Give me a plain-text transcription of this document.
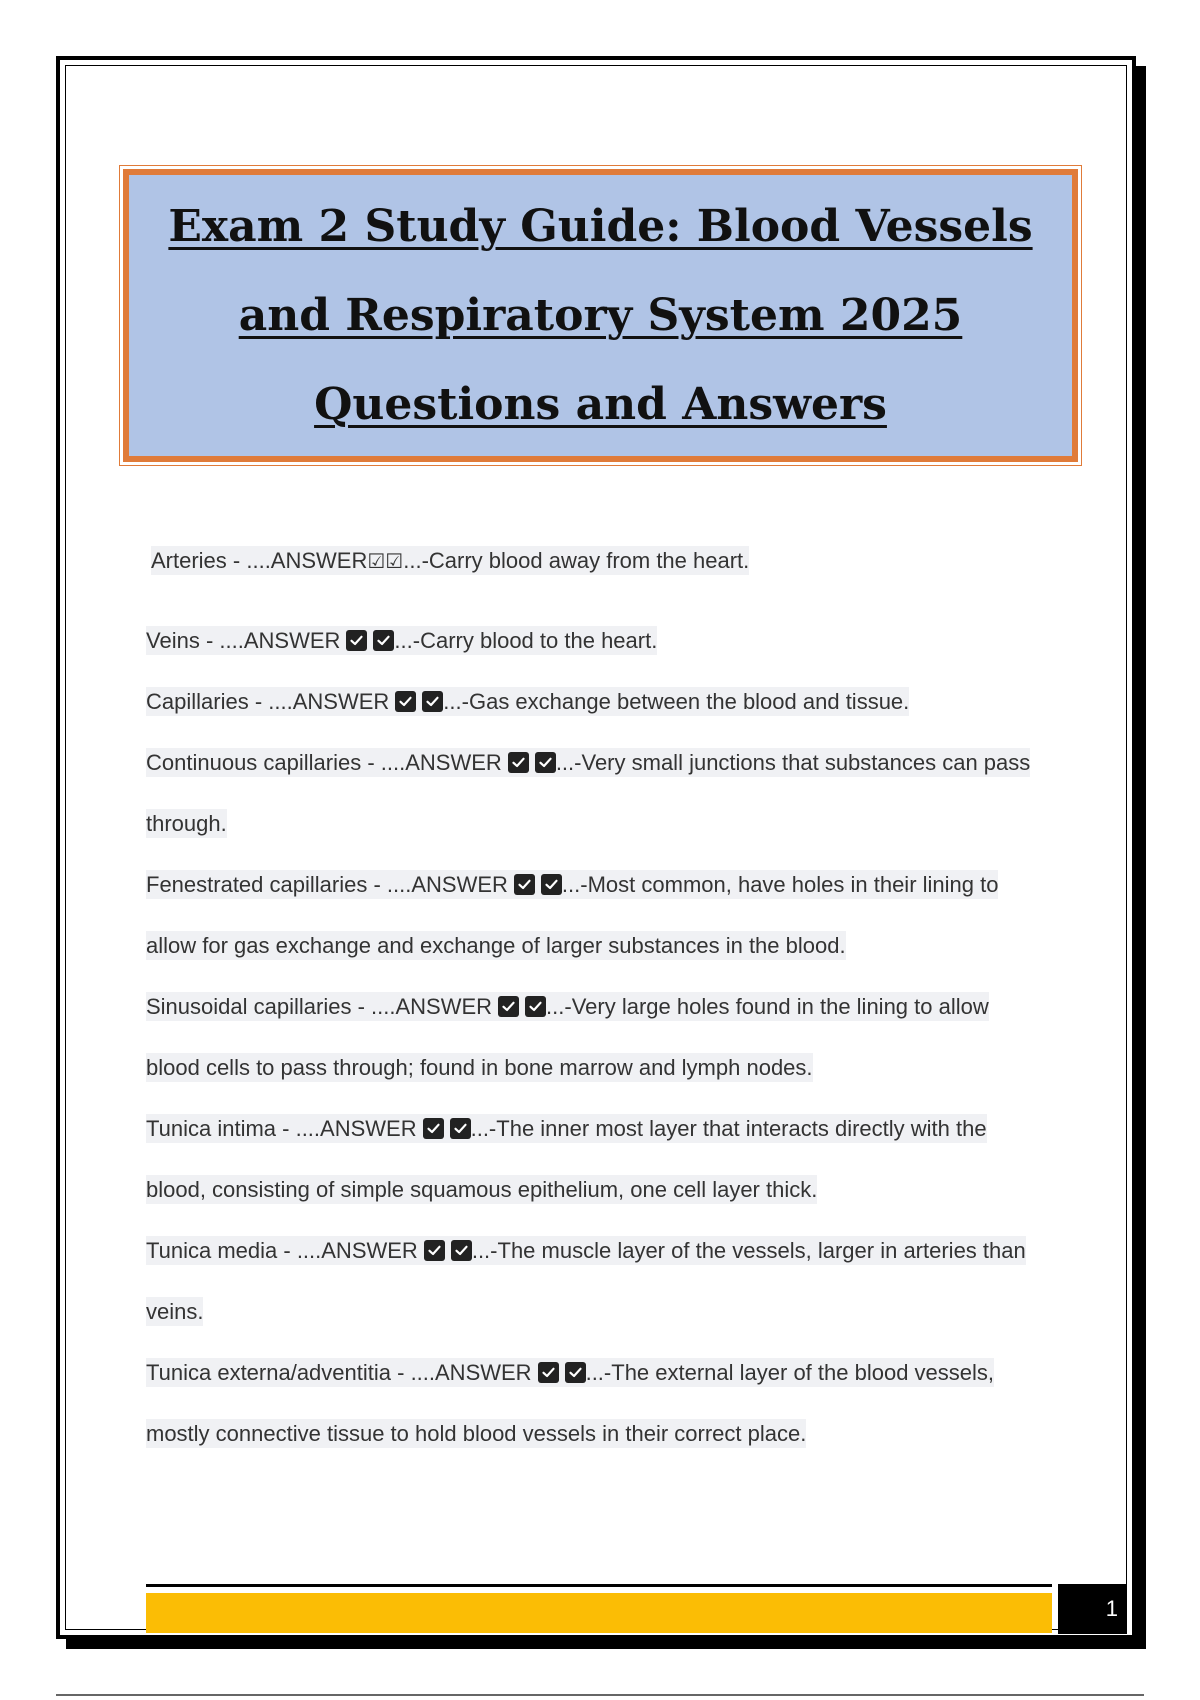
Exam 2 Study Guide: Blood Vessels and Respiratory System 2025 Questions and Answers

Arteries - ....ANSWER☑☑...-Carry blood away from the heart.

Veins - ....ANSWER ...-Carry blood to the heart.

Capillaries - ....ANSWER ...-Gas exchange between the blood and tissue.

Continuous capillaries - ....ANSWER ...-Very small junctions that substances can pass through.

Fenestrated capillaries - ....ANSWER ...-Most common, have holes in their lining to allow for gas exchange and exchange of larger substances in the blood.

Sinusoidal capillaries - ....ANSWER ...-Very large holes found in the lining to allow blood cells to pass through; found in bone marrow and lymph nodes.

Tunica intima - ....ANSWER ...-The inner most layer that interacts directly with the blood, consisting of simple squamous epithelium, one cell layer thick.

Tunica media - ....ANSWER ...-The muscle layer of the vessels, larger in arteries than veins.

Tunica externa/adventitia - ....ANSWER ...-The external layer of the blood vessels, mostly connective tissue to hold blood vessels in their correct place.

1
